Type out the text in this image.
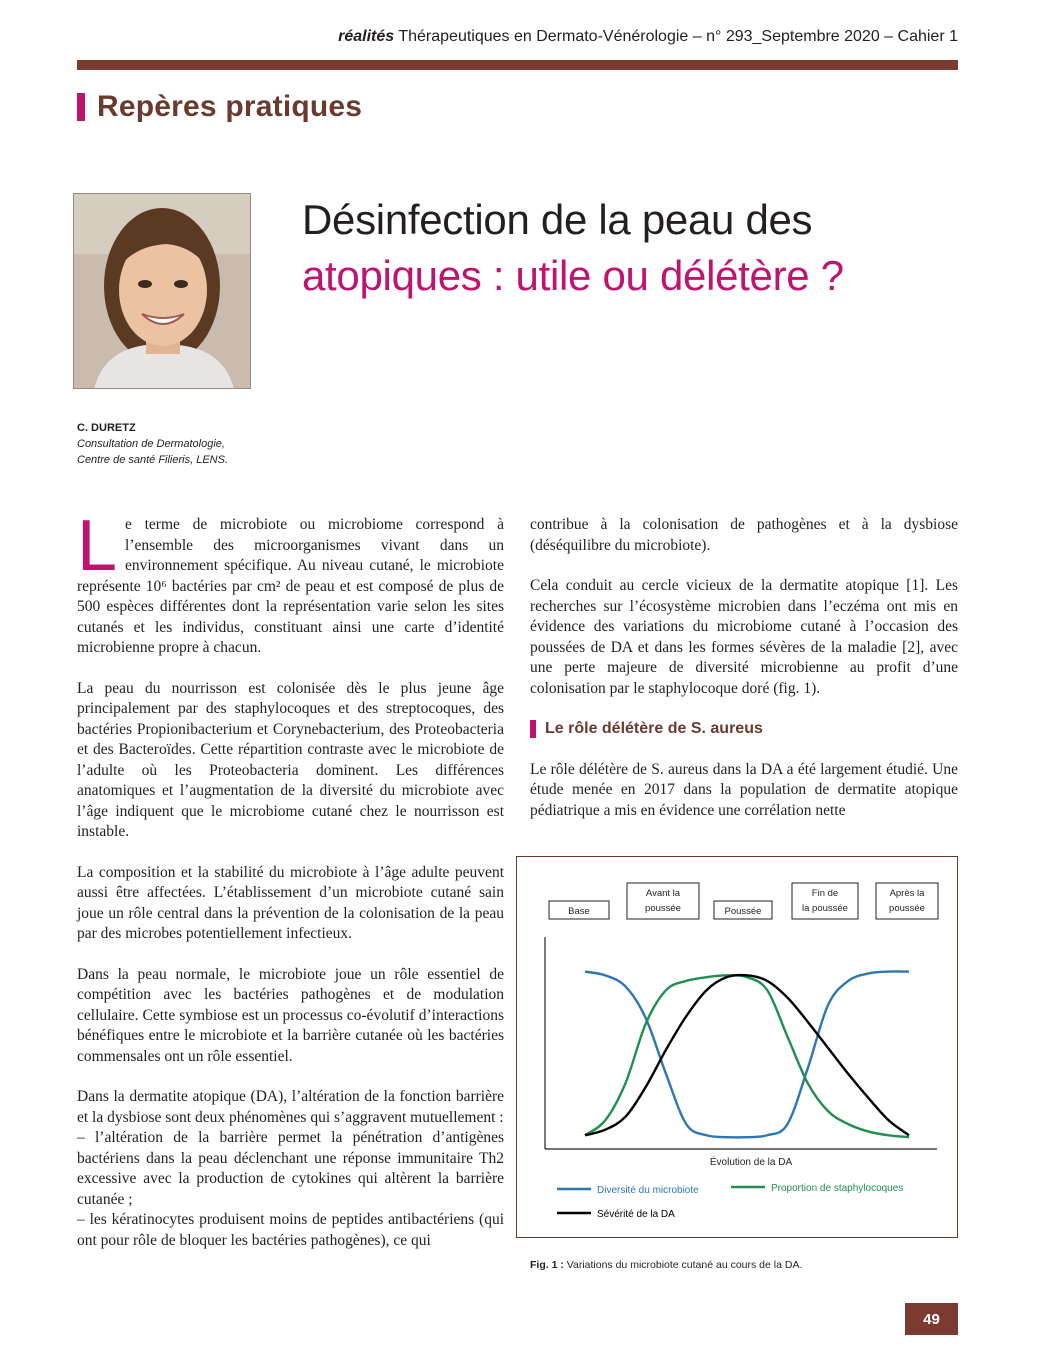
réalités Thérapeutiques en Dermato-Vénérologie – n° 293_Septembre 2020 – Cahier 1
Repères pratiques
C. DURETZ
Consultation de Dermatologie,
Centre de santé Filieris, LENS.
Désinfection de la peau des
atopiques : utile ou délétère ?
Le terme de microbiote ou microbiome correspond à l’ensemble des microorganismes vivant dans un environnement spécifique. Au niveau cutané, le microbiote représente 10⁶ bactéries par cm² de peau et est composé de plus de 500 espèces différentes dont la représentation varie selon les sites cutanés et les individus, constituant ainsi une carte d’identité microbienne propre à chacun.
La peau du nourrisson est colonisée dès le plus jeune âge principalement par des staphylocoques et des streptocoques, des bactéries Propionibacterium et Corynebacterium, des Proteobacteria et des Bacteroïdes. Cette répartition contraste avec le microbiote de l’adulte où les Proteobacteria dominent. Les différences anatomiques et l’augmentation de la diversité du microbiote avec l’âge indiquent que le microbiome cutané chez le nourrisson est instable.
La composition et la stabilité du microbiote à l’âge adulte peuvent aussi être affectées. L’établissement d’un microbiote cutané sain joue un rôle central dans la prévention de la colonisation de la peau par des microbes potentiellement infectieux.
Dans la peau normale, le microbiote joue un rôle essentiel de compétition avec les bactéries pathogènes et de modulation cellulaire. Cette symbiose est un processus co-évolutif d’interactions bénéfiques entre le microbiote et la barrière cutanée où les bactéries commensales ont un rôle essentiel.
Dans la dermatite atopique (DA), l’altération de la fonction barrière et la dysbiose sont deux phénomènes qui s’aggravent mutuellement :
– l’altération de la barrière permet la pénétration d’antigènes bactériens dans la peau déclenchant une réponse immunitaire Th2 excessive avec la production de cytokines qui altèrent la barrière cutanée ;
– les kératinocytes produisent moins de peptides antibactériens (qui ont pour rôle de bloquer les bactéries pathogènes), ce qui
contribue à la colonisation de pathogènes et à la dysbiose (déséquilibre du microbiote).
Cela conduit au cercle vicieux de la dermatite atopique [1]. Les recherches sur l’écosystème microbien dans l’eczéma ont mis en évidence des variations du microbiome cutané à l’occasion des poussées de DA et dans les formes sévères de la maladie [2], avec une perte majeure de diversité microbienne au profit d’une colonisation par le staphylocoque doré (fig. 1).
Le rôle délétère de S. aureus
Le rôle délétère de S. aureus dans la DA a été largement étudié. Une étude menée en 2017 dans la population de dermatite atopique pédiatrique a mis en évidence une corrélation nette
Base
Avant la
poussée	Poussée
Fin de
la poussée
Après la
poussée
Évolution de la DA
Diversité du microbiote	Proportion de staphylocoques
Sévérité de la DA
Fig. 1 : Variations du microbiote cutané au cours de la DA.
49
